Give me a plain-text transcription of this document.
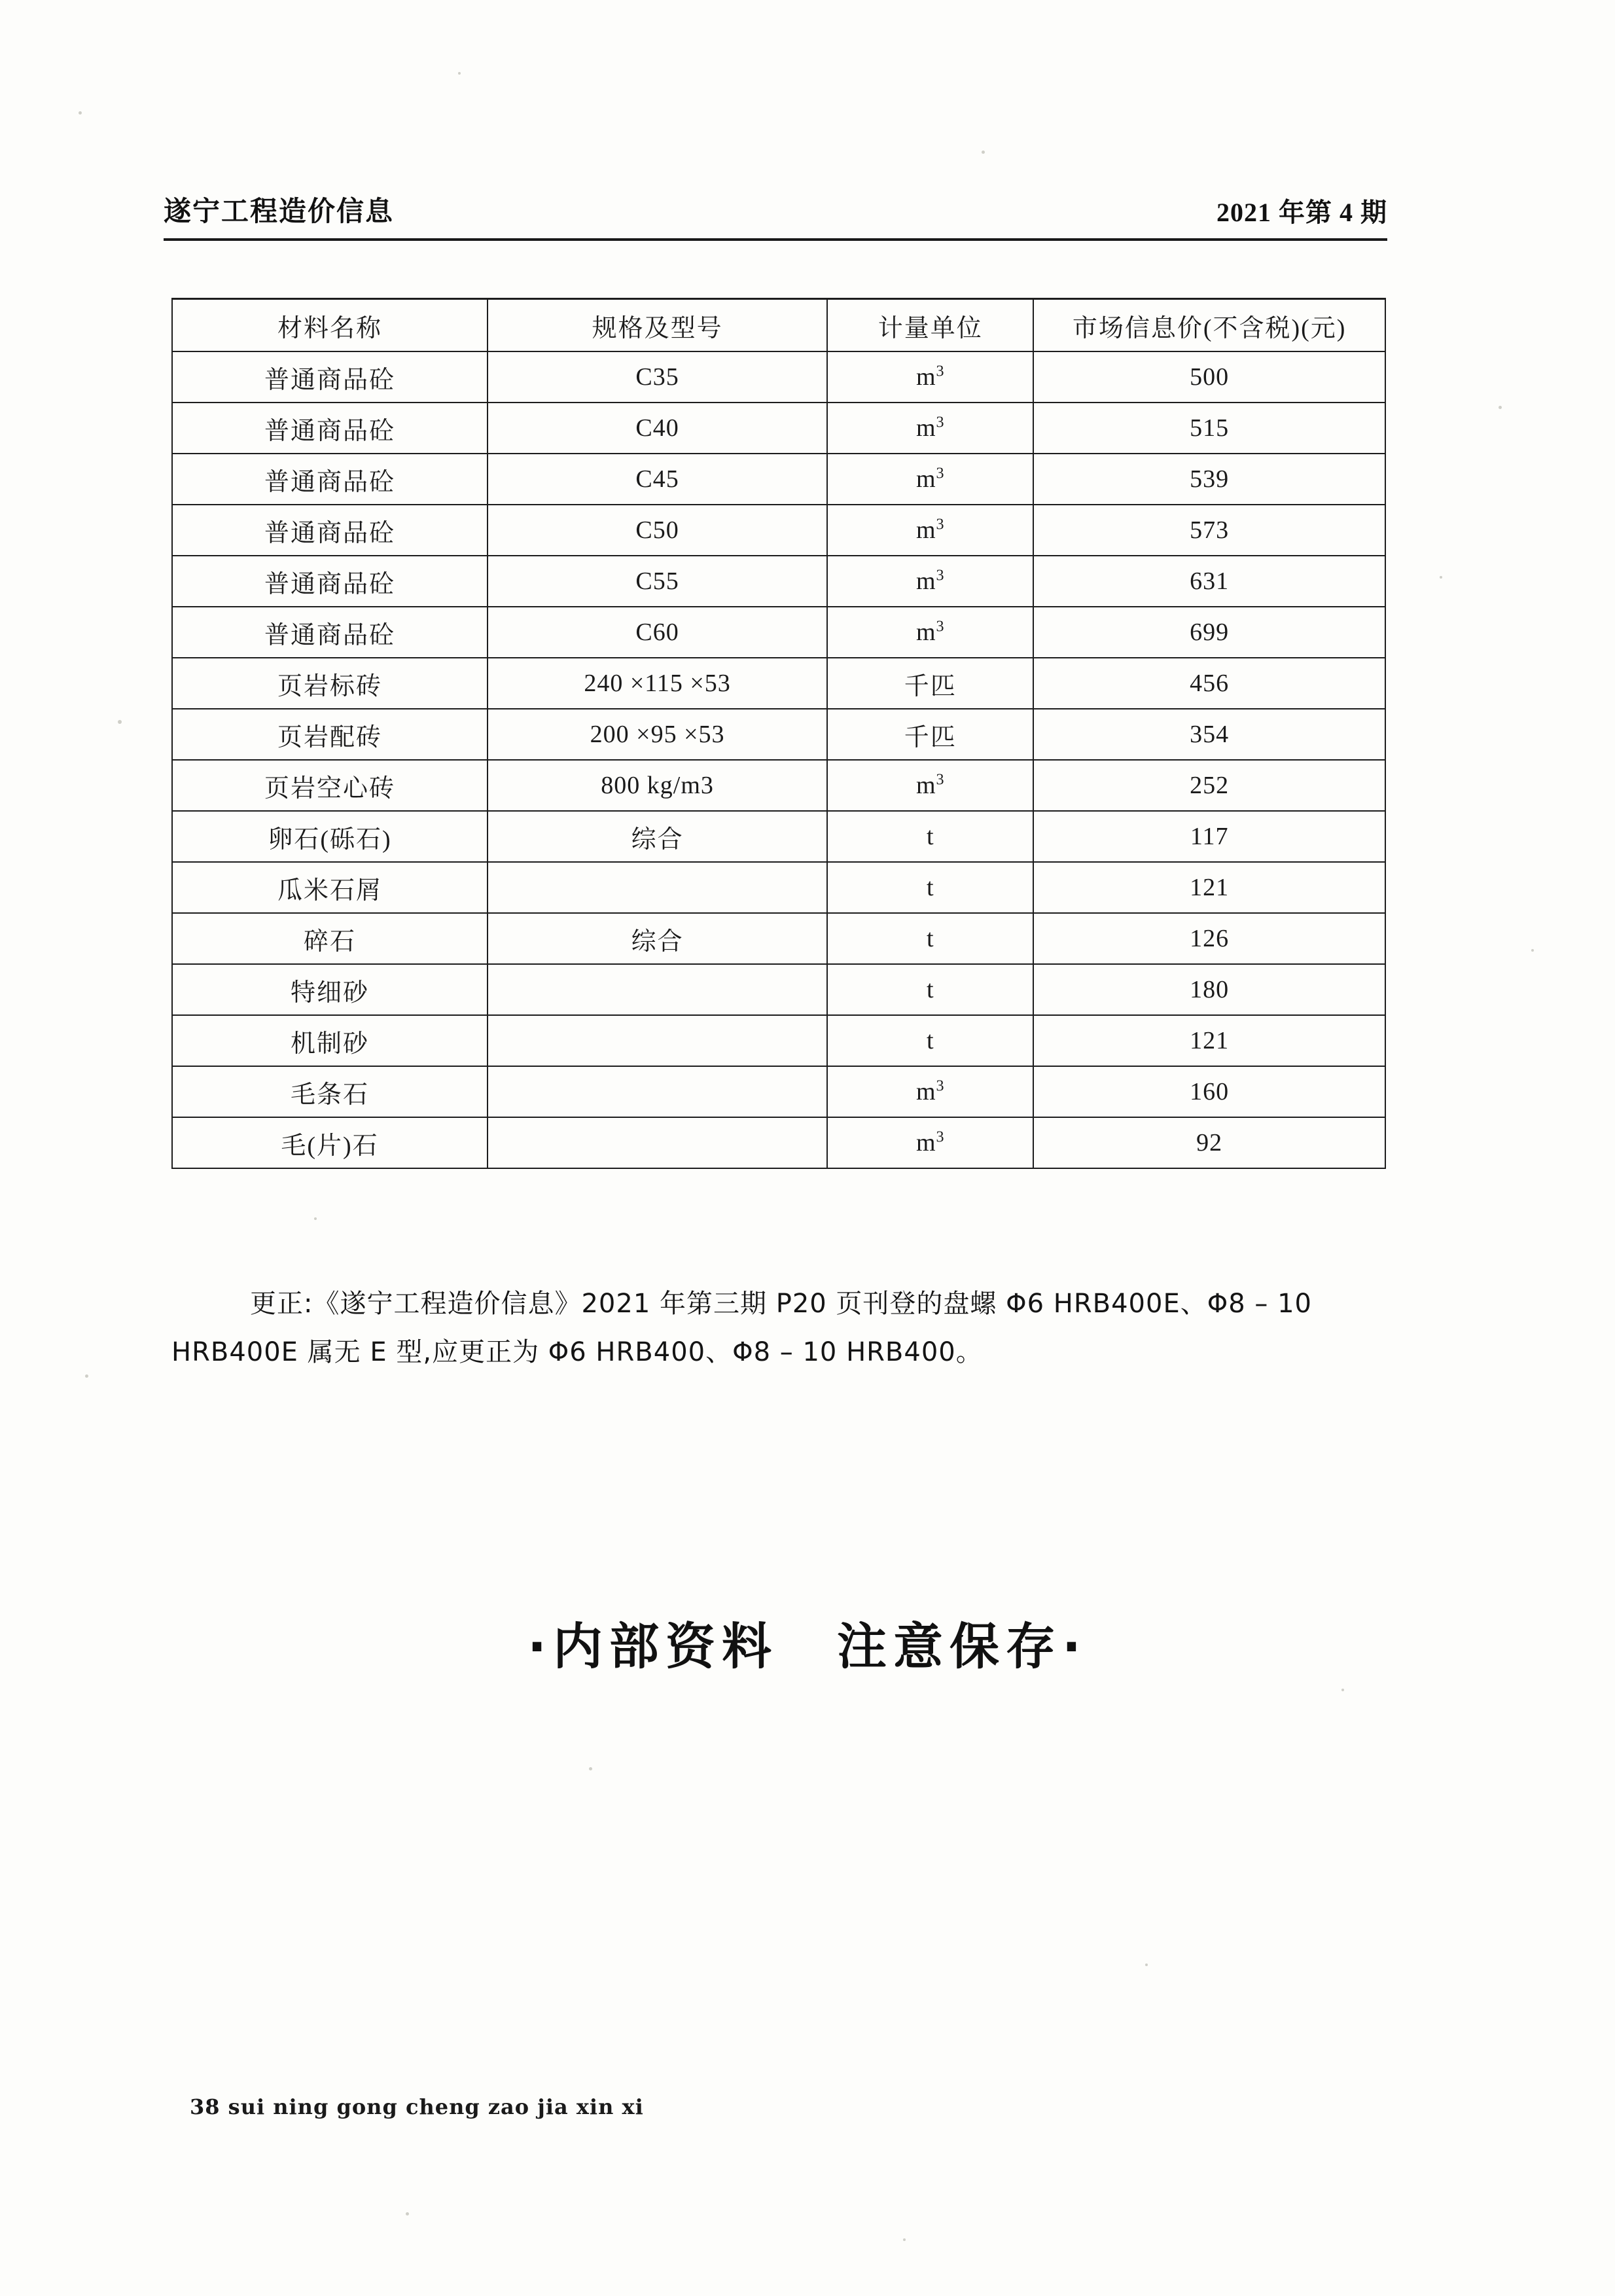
遂宁工程造价信息	2021 年第 4 期
材料名称	规格及型号	计量单位	市场信息价(不含税)(元)
普通商品砼	C35	$m^3$	500
普通商品砼	C40	$m^3$	515
普通商品砼	C45	$m^3$	539
普通商品砼	C50	$m^3$	573
普通商品砼	C55	$m^3$	631
普通商品砼	C60	$m^3$	699
页岩标砖	240 ×115 ×53	千匹	456
页岩配砖	200 ×95 ×53	千匹	354
页岩空心砖	800 kg/m3	$m^3$	252
卵石(砾石)	综合	t	117
瓜米石屑		t	121
碎石	综合	t	126
特细砂		t	180
机制砂		t	121
毛条石		$m^3$	160
毛(片)石		$m^3$	92
更正:《遂宁工程造价信息》2021 年第三期 P20 页刊登的盘螺 Φ6 HRB400E、Φ8 – 10
HRB400E 属无 E 型,应更正为 Φ6 HRB400、Φ8 – 10 HRB400。
·内部资料 注意保存·
38 sui ning gong cheng zao jia xin xi
